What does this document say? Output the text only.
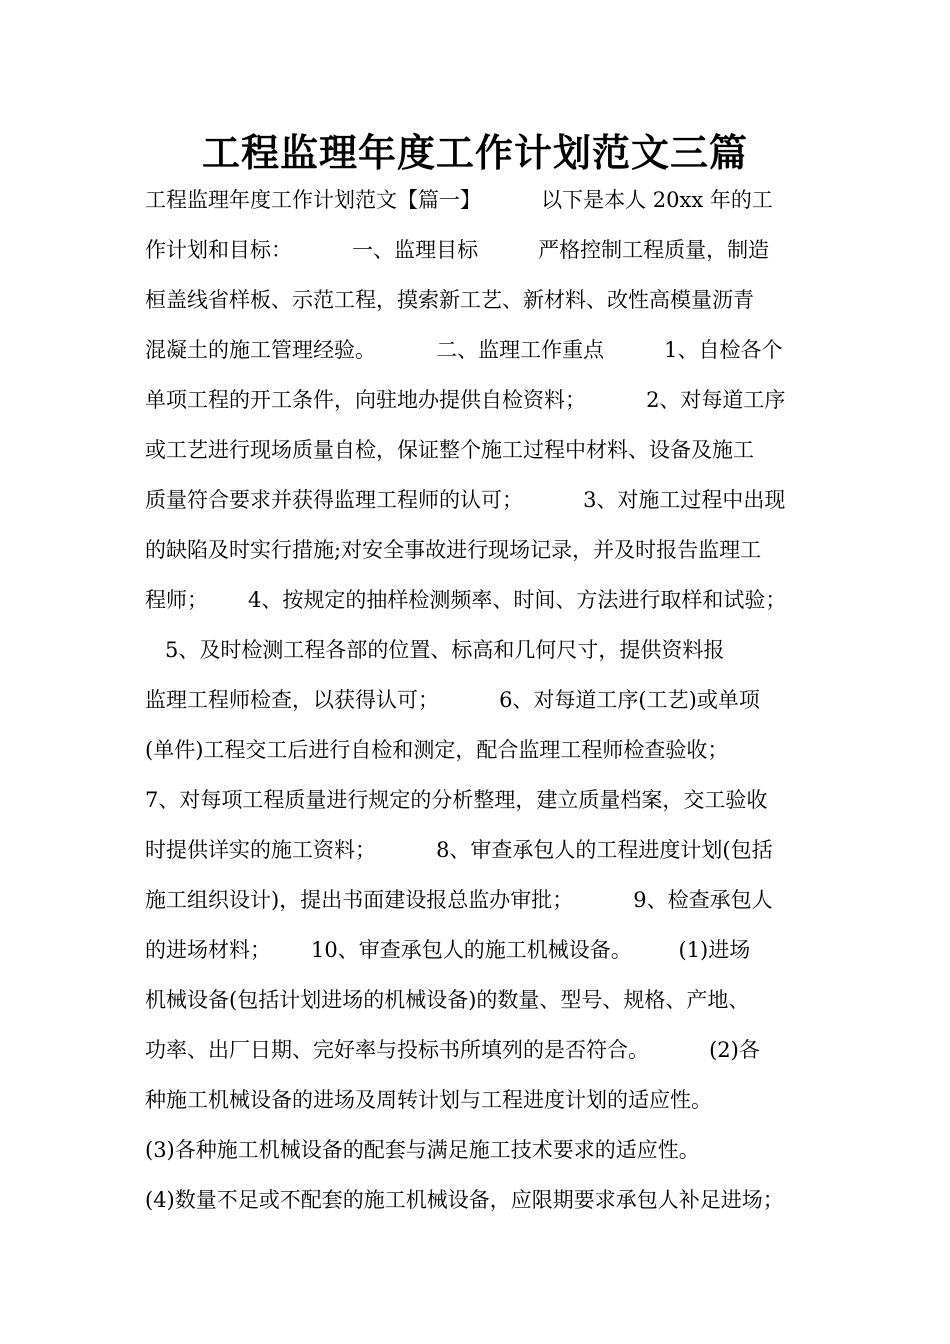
工程监理年度工作计划范文三篇
工程监理年度工作计划范文【篇一】         以下是本人 20xx 年的工
作计划和目标：         一、监理目标         严格控制工程质量，制造
桓盖线省样板、示范工程，摸索新工艺、新材料、改性高模量沥青
混凝土的施工管理经验。         二、监理工作重点         1、自检各个
单项工程的开工条件，向驻地办提供自检资料；         2、对每道工序
或工艺进行现场质量自检，保证整个施工过程中材料、设备及施工
质量符合要求并获得监理工程师的认可；         3、对施工过程中出现
的缺陷及时实行措施;对安全事故进行现场记录，并及时报告监理工
程师；      4、按规定的抽样检测频率、时间、方法进行取样和试验；
5、及时检测工程各部的位置、标高和几何尺寸，提供资料报
监理工程师检查，以获得认可；         6、对每道工序(工艺)或单项
(单件)工程交工后进行自检和测定，配合监理工程师检查验收；
7、对每项工程质量进行规定的分析整理，建立质量档案，交工验收
时提供详实的施工资料；         8、审查承包人的工程进度计划(包括
施工组织设计)，提出书面建设报总监办审批；         9、检查承包人
的进场材料；      10、审查承包人的施工机械设备。       (1)进场
机械设备(包括计划进场的机械设备)的数量、型号、规格、产地、
功率、出厂日期、完好率与投标书所填列的是否符合。         (2)各
种施工机械设备的进场及周转计划与工程进度计划的适应性。
(3)各种施工机械设备的配套与满足施工技术要求的适应性。
(4)数量不足或不配套的施工机械设备，应限期要求承包人补足进场；
